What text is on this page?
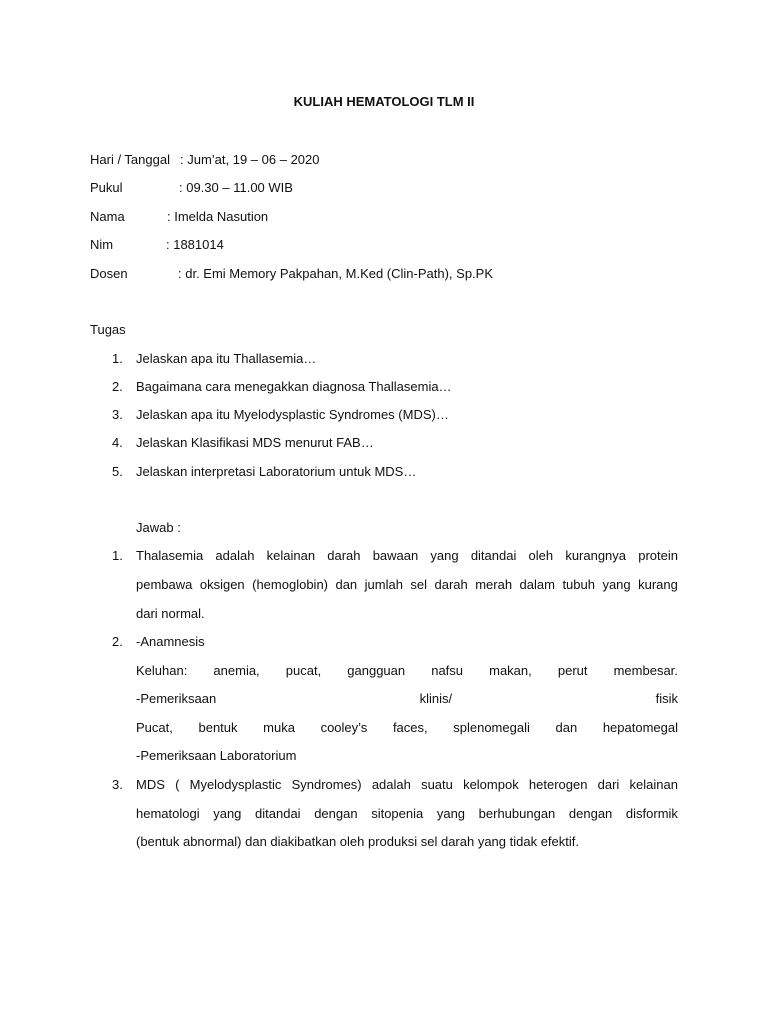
KULIAH HEMATOLOGI TLM II
Hari / Tanggal : Jum’at, 19 – 06 – 2020
Pukul	: 09.30 – 11.00 WIB
Nama	: Imelda Nasution
Nim	: 1881014
Dosen	: dr. Emi Memory Pakpahan, M.Ked (Clin-Path), Sp.PK
Tugas
1. Jelaskan apa itu Thallasemia…
2. Bagaimana cara menegakkan diagnosa Thallasemia…
3. Jelaskan apa itu Myelodysplastic Syndromes (MDS)…
4. Jelaskan Klasifikasi MDS menurut FAB…
5. Jelaskan interpretasi Laboratorium untuk MDS…
Jawab :
1. Thalasemia adalah kelainan darah bawaan yang ditandai oleh kurangnya protein
pembawa oksigen (hemoglobin) dan jumlah sel darah merah dalam tubuh yang kurang
dari normal.
2. -Anamnesis
Keluhan: anemia, pucat, gangguan nafsu makan, perut membesar.
-Pemeriksaan	klinis/	fisik
Pucat, bentuk muka cooley’s faces, splenomegali dan hepatomegal
-Pemeriksaan Laboratorium
3. MDS ( Myelodysplastic Syndromes) adalah suatu kelompok heterogen dari kelainan
hematologi yang ditandai dengan sitopenia yang berhubungan dengan disformik
(bentuk abnormal) dan diakibatkan oleh produksi sel darah yang tidak efektif.
